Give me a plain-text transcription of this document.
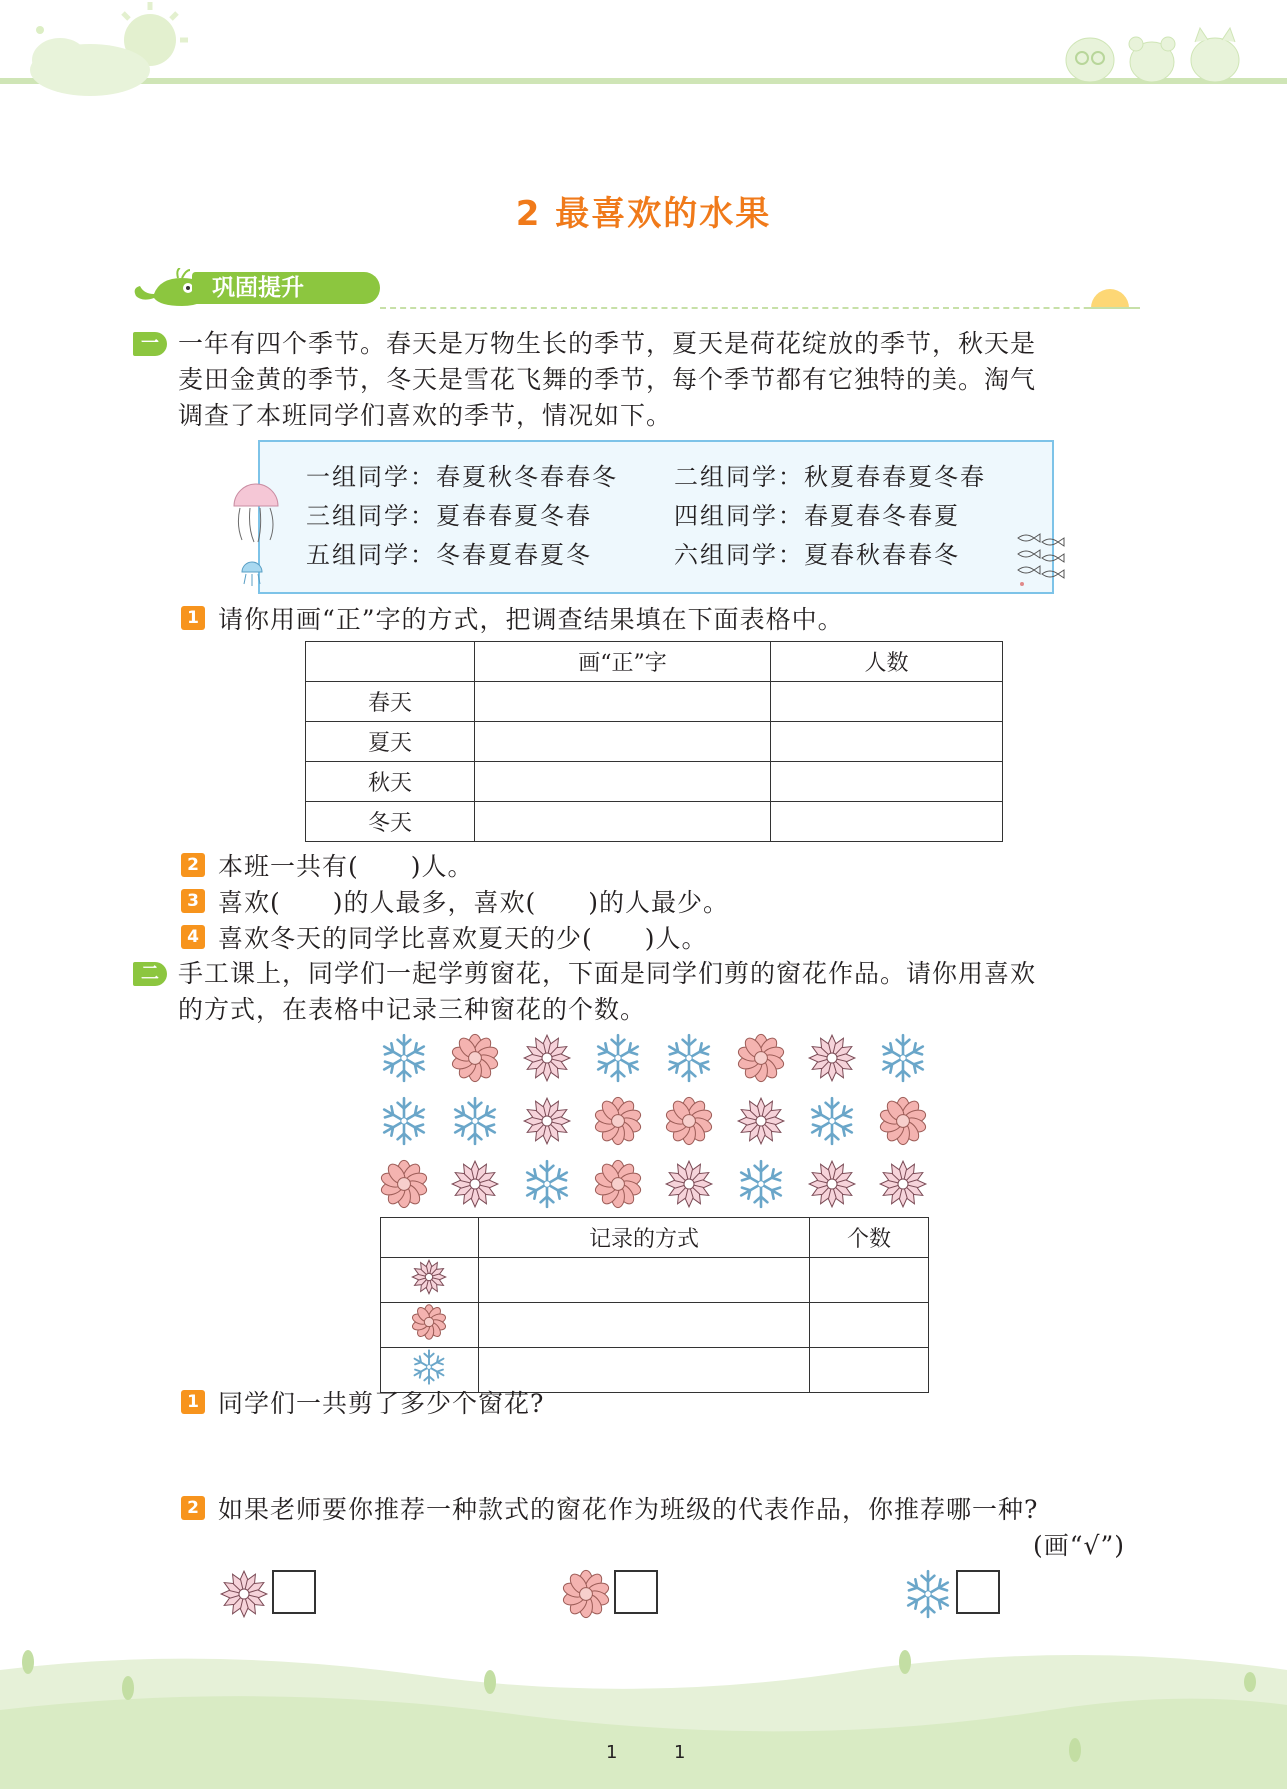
2 最喜欢的水果
巩固提升
一 一年有四个季节。春天是万物生长的季节，夏天是荷花绽放的季节，秋天是
麦田金黄的季节，冬天是雪花飞舞的季节，每个季节都有它独特的美。淘气
调查了本班同学们喜欢的季节，情况如下。
一组同学：春夏秋冬春春冬 二组同学：秋夏春春夏冬春
三组同学：夏春春夏冬春	四组同学：春夏春冬春夏
五组同学：冬春夏春夏冬	六组同学：夏春秋春春冬
1 请你用画“正”字的方式，把调查结果填在下面表格中。
	画“正”字	人数
春天		
夏天		
秋天		
冬天		
2 本班一共有(　　)人。
3 喜欢(　　)的人最多，喜欢(　　)的人最少。
4 喜欢冬天的同学比喜欢夏天的少(　　)人。
二 手工课上，同学们一起学剪窗花，下面是同学们剪的窗花作品。请你用喜欢
的方式，在表格中记录三种窗花的个数。
	记录的方式	个数

1 同学们一共剪了多少个窗花?
2 如果老师要你推荐一种款式的窗花作为班级的代表作品，你推荐哪一种?
(画“√”)
1	1
